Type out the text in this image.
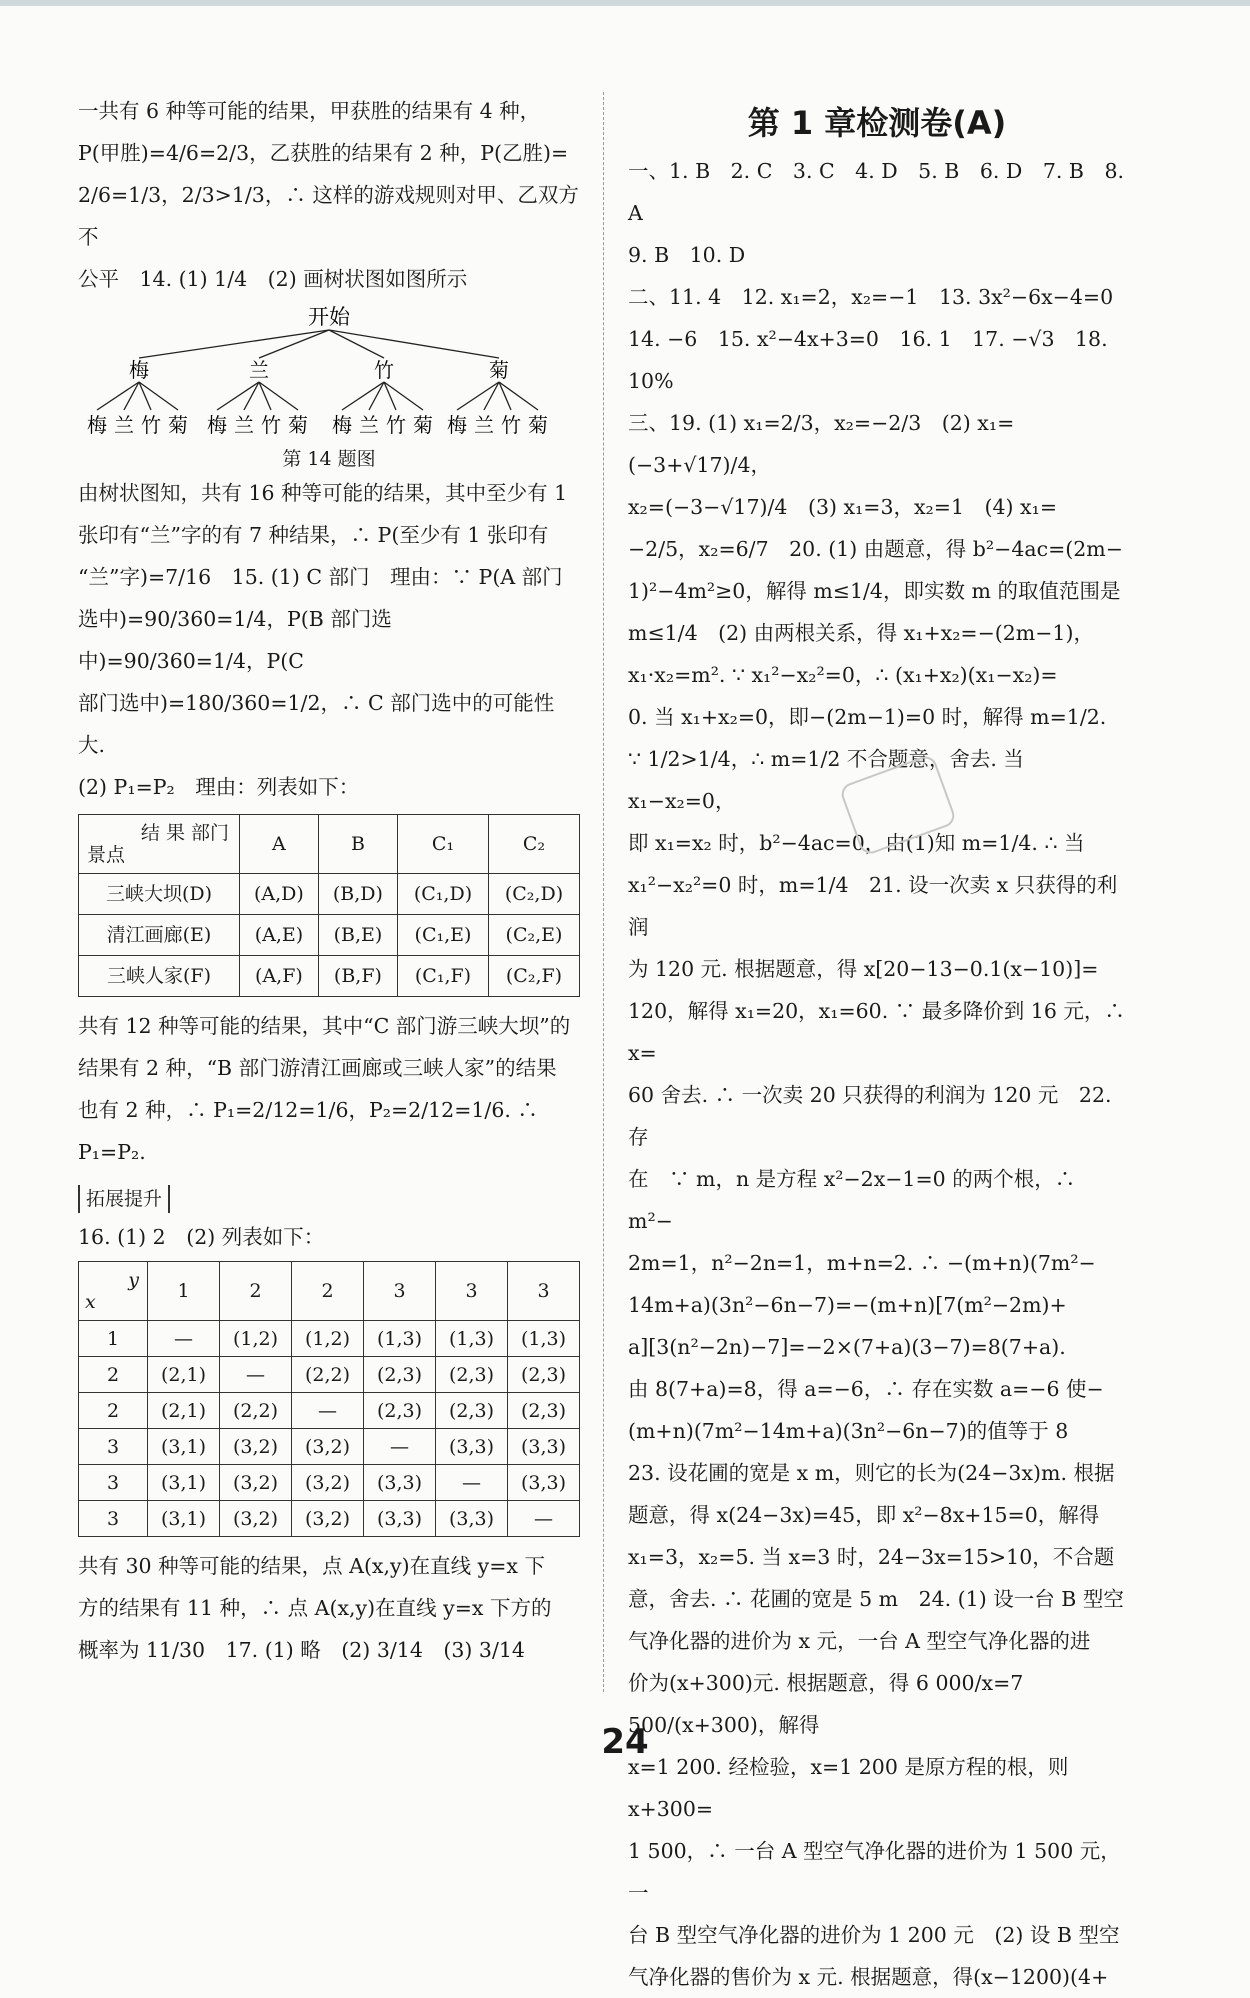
一共有 6 种等可能的结果，甲获胜的结果有 4 种，

P(甲胜)=4/6=2/3，乙获胜的结果有 2 种，P(乙胜)=

2/6=1/3，2/3>1/3，∴ 这样的游戏规则对甲、乙双方不

公平　14. (1) 1/4　(2) 画树状图如图所示

开始
梅	兰	竹	菊
梅 兰 竹 菊 梅 兰 竹 菊 梅 兰 竹 菊 梅 兰 竹 菊
第 14 题图

由树状图知，共有 16 种等可能的结果，其中至少有 1

张印有“兰”字的有 7 种结果，∴ P(至少有 1 张印有

“兰”字)=7/16　15. (1) C 部门　理由：∵ P(A 部门

选中)=90/360=1/4，P(B 部门选中)=90/360=1/4，P(C

部门选中)=180/360=1/2，∴ C 部门选中的可能性大.

(2) P₁=P₂　理由：列表如下：

结 果 部门
景点	A	B	C₁	C₂
三峡大坝(D)	(A,D)	(B,D)	(C₁,D)	(C₂,D)
清江画廊(E)	(A,E)	(B,E)	(C₁,E)	(C₂,E)
三峡人家(F)	(A,F)	(B,F)	(C₁,F)	(C₂,F)

共有 12 种等可能的结果，其中“C 部门游三峡大坝”的

结果有 2 种，“B 部门游清江画廊或三峡人家”的结果

也有 2 种，∴ P₁=2/12=1/6，P₂=2/12=1/6. ∴ P₁=P₂.

拓展提升

16. (1) 2　(2) 列表如下：

y
x	1	2	2	3	3	3
1	—	(1,2)	(1,2)	(1,3)	(1,3)	(1,3)
2	(2,1)	—	(2,2)	(2,3)	(2,3)	(2,3)
2	(2,1)	(2,2)	—	(2,3)	(2,3)	(2,3)
3	(3,1)	(3,2)	(3,2)	—	(3,3)	(3,3)
3	(3,1)	(3,2)	(3,2)	(3,3)	—	(3,3)
3	(3,1)	(3,2)	(3,2)	(3,3)	(3,3)	—

共有 30 种等可能的结果，点 A(x,y)在直线 y=x 下

方的结果有 11 种，∴ 点 A(x,y)在直线 y=x 下方的

概率为 11/30　17. (1) 略　(2) 3/14　(3) 3/14

第 1 章检测卷(A)

一、1. B　2. C　3. C　4. D　5. B　6. D　7. B　8. A

9. B　10. D

二、11. 4　12. x₁=2，x₂=−1　13. 3x²−6x−4=0

14. −6　15. x²−4x+3=0　16. 1　17. −√3　18. 10%

三、19. (1) x₁=2/3，x₂=−2/3　(2) x₁=(−3+√17)/4，

x₂=(−3−√17)/4　(3) x₁=3，x₂=1　(4) x₁=

−2/5，x₂=6/7　20. (1) 由题意，得 b²−4ac=(2m−

1)²−4m²≥0，解得 m≤1/4，即实数 m 的取值范围是

m≤1/4　(2) 由两根关系，得 x₁+x₂=−(2m−1)，

x₁·x₂=m². ∵ x₁²−x₂²=0，∴ (x₁+x₂)(x₁−x₂)=

0. 当 x₁+x₂=0，即−(2m−1)=0 时，解得 m=1/2.

∵ 1/2>1/4，∴ m=1/2 不合题意，舍去. 当 x₁−x₂=0，

即 x₁=x₂ 时，b²−4ac=0，由(1)知 m=1/4. ∴ 当

x₁²−x₂²=0 时，m=1/4　21. 设一次卖 x 只获得的利润

为 120 元. 根据题意，得 x[20−13−0.1(x−10)]=

120，解得 x₁=20，x₁=60. ∵ 最多降价到 16 元，∴ x=

60 舍去. ∴ 一次卖 20 只获得的利润为 120 元　22. 存

在　∵ m，n 是方程 x²−2x−1=0 的两个根，∴ m²−

2m=1，n²−2n=1，m+n=2. ∴ −(m+n)(7m²−

14m+a)(3n²−6n−7)=−(m+n)[7(m²−2m)+

a][3(n²−2n)−7]=−2×(7+a)(3−7)=8(7+a).

由 8(7+a)=8，得 a=−6，∴ 存在实数 a=−6 使−

(m+n)(7m²−14m+a)(3n²−6n−7)的值等于 8

23. 设花圃的宽是 x m，则它的长为(24−3x)m. 根据

题意，得 x(24−3x)=45，即 x²−8x+15=0，解得

x₁=3，x₂=5. 当 x=3 时，24−3x=15>10，不合题

意，舍去. ∴ 花圃的宽是 5 m　24. (1) 设一台 B 型空

气净化器的进价为 x 元，一台 A 型空气净化器的进

价为(x+300)元. 根据题意，得 6 000/x=7 500/(x+300)，解得

x=1 200. 经检验，x=1 200 是原方程的根，则 x+300=

1 500，∴ 一台 A 型空气净化器的进价为 1 500 元，一

台 B 型空气净化器的进价为 1 200 元　(2) 设 B 型空

气净化器的售价为 x 元. 根据题意，得(x−1200)(4+

24
